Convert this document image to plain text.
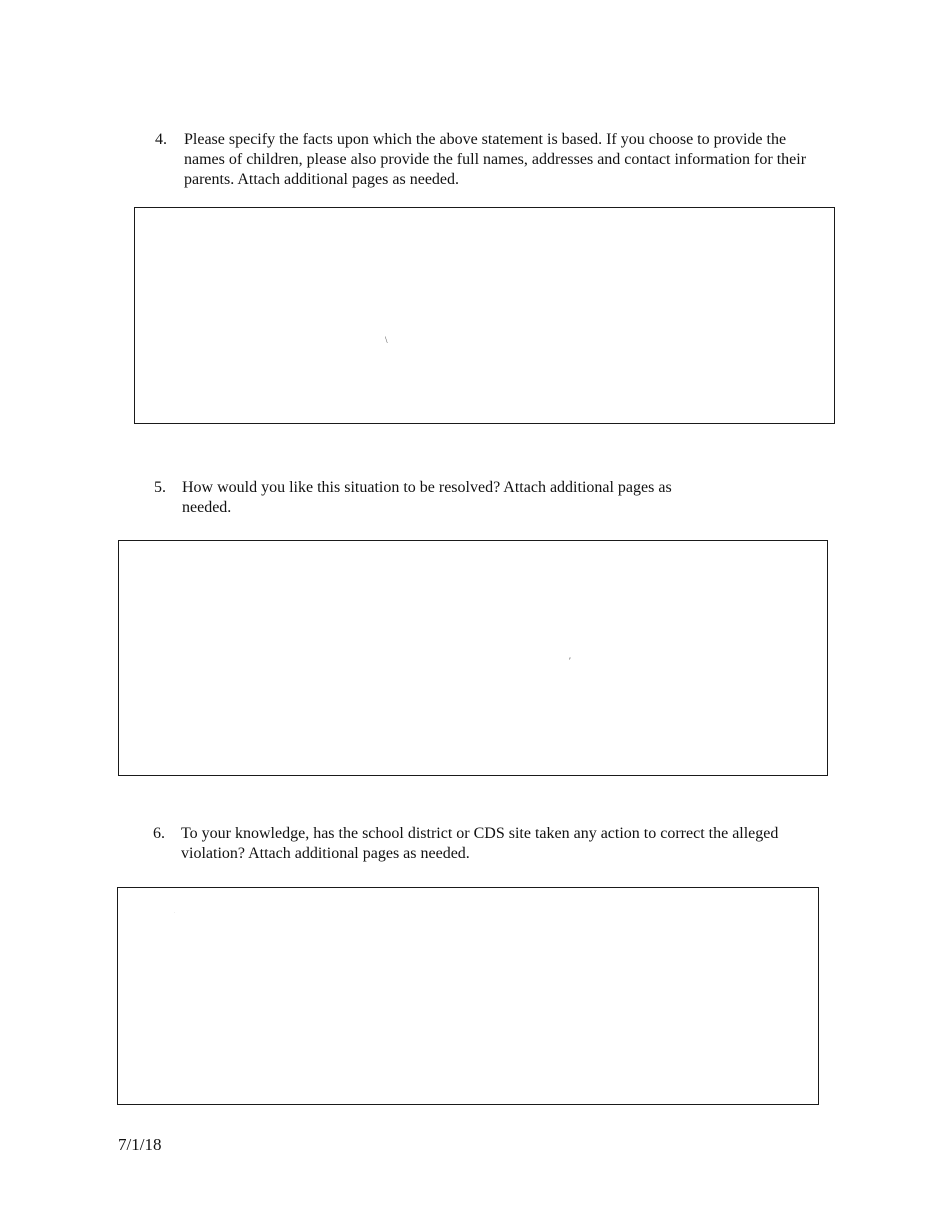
4. Please specify the facts upon which the above statement is based. If you choose to provide the
names of children, please also provide the full names, addresses and contact information for their
parents. Attach additional pages as needed.
\
5. How would you like this situation to be resolved? Attach additional pages as
needed.
′
6. To your knowledge, has the school district or CDS site taken any action to correct the alleged
violation? Attach additional pages as needed.
·
7/1/18
